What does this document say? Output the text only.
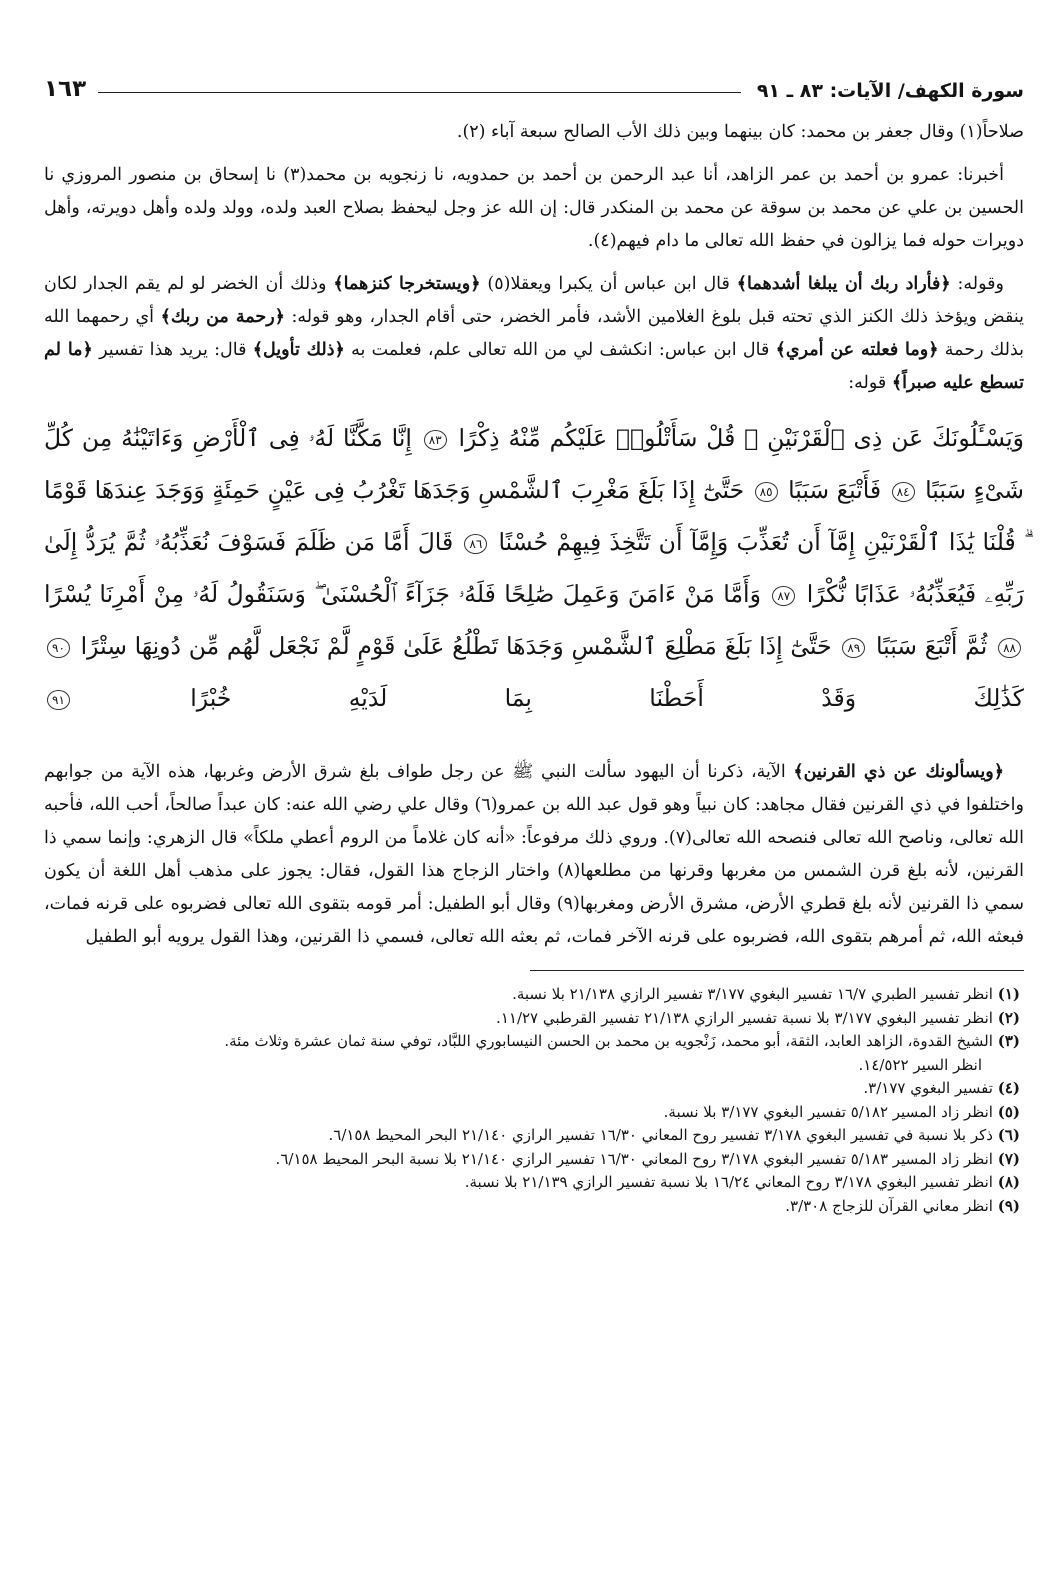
سورة الكهف/ الآيات: ٨٣ ـ ٩١
١٦٣

صلاحاً(١) وقال جعفر بن محمد: كان بينهما وبين ذلك الأب الصالح سبعة آباء (٢).

أخبرنا: عمرو بن أحمد بن عمر الزاهد، أنا عبد الرحمن بن أحمد بن حمدويه، نا زنجويه بن محمد(٣) نا إسحاق بن منصور المروزي نا الحسين بن علي عن محمد بن سوقة عن محمد بن المنكدر قال: إن الله عز وجل ليحفظ بصلاح العبد ولده، وولد ولده وأهل دويرته، وأهل دويرات حوله فما يزالون في حفظ الله تعالى ما دام فيهم(٤).

وقوله: ﴿فأراد ربك أن يبلغا أشدهما﴾ قال ابن عباس أن يكبرا ويعقلا(٥) ﴿ويستخرجا كنزهما﴾ وذلك أن الخضر لو لم يقم الجدار لكان ينقض ويؤخذ ذلك الكنز الذي تحته قبل بلوغ الغلامين الأشد، فأمر الخضر، حتى أقام الجدار، وهو قوله: ﴿رحمة من ربك﴾ أي رحمهما الله بذلك رحمة ﴿وما فعلته عن أمري﴾ قال ابن عباس: انكشف لي من الله تعالى علم، فعلمت به ﴿ذلك تأويل﴾ قال: يريد هذا تفسير ﴿ما لم تسطع عليه صبراً﴾ قوله:

وَيَسْـَٔلُونَكَ عَن ذِى ٱلْقَرْنَيْنِ ۖ قُلْ سَأَتْلُوا۟ عَلَيْكُم مِّنْهُ ذِكْرًا ٨٣ إِنَّا مَكَّنَّا لَهُۥ فِى ٱلْأَرْضِ وَءَاتَيْنَٰهُ مِن كُلِّ شَىْءٍ سَبَبًا ٨٤ فَأَتْبَعَ سَبَبًا ٨٥ حَتَّىٰٓ إِذَا بَلَغَ مَغْرِبَ ٱلشَّمْسِ وَجَدَهَا تَغْرُبُ فِى عَيْنٍ حَمِئَةٍ وَوَجَدَ عِندَهَا قَوْمًا ۗ قُلْنَا يَٰذَا ٱلْقَرْنَيْنِ إِمَّآ أَن تُعَذِّبَ وَإِمَّآ أَن تَتَّخِذَ فِيهِمْ حُسْنًا ٨٦ قَالَ أَمَّا مَن ظَلَمَ فَسَوْفَ نُعَذِّبُهُۥ ثُمَّ يُرَدُّ إِلَىٰ رَبِّهِۦ فَيُعَذِّبُهُۥ عَذَابًا نُّكْرًا ٨٧ وَأَمَّا مَنْ ءَامَنَ وَعَمِلَ صَٰلِحًا فَلَهُۥ جَزَآءً ٱلْحُسْنَىٰ ۖ وَسَنَقُولُ لَهُۥ مِنْ أَمْرِنَا يُسْرًا ٨٨ ثُمَّ أَتْبَعَ سَبَبًا ٨٩ حَتَّىٰٓ إِذَا بَلَغَ مَطْلِعَ ٱلشَّمْسِ وَجَدَهَا تَطْلُعُ عَلَىٰ قَوْمٍ لَّمْ نَجْعَل لَّهُم مِّن دُونِهَا سِتْرًا ٩٠ كَذَٰلِكَ وَقَدْ أَحَطْنَا بِمَا لَدَيْهِ خُبْرًا ٩١

﴿ويسألونك عن ذي القرنين﴾ الآية، ذكرنا أن اليهود سألت النبي ﷺ عن رجل طواف بلغ شرق الأرض وغربها، هذه الآية من جوابهم واختلفوا في ذي القرنين فقال مجاهد: كان نبياً وهو قول عبد الله بن عمرو(٦) وقال علي رضي الله عنه: كان عبداً صالحاً، أحب الله، فأحبه الله تعالى، وناصح الله تعالى فنصحه الله تعالى(٧). وروي ذلك مرفوعاً: «أنه كان غلاماً من الروم أعطي ملكاً» قال الزهري: وإنما سمي ذا القرنين، لأنه بلغ قرن الشمس من مغربها وقرنها من مطلعها(٨) واختار الزجاج هذا القول، فقال: يجوز على مذهب أهل اللغة أن يكون سمي ذا القرنين لأنه بلغ قطري الأرض، مشرق الأرض ومغربها(٩) وقال أبو الطفيل: أمر قومه بتقوى الله تعالى فضربوه على قرنه فمات، فبعثه الله، ثم أمرهم بتقوى الله، فضربوه على قرنه الآخر فمات، ثم بعثه الله تعالى، فسمي ذا القرنين، وهذا القول يرويه أبو الطفيل

(١) انظر تفسير الطبري ١٦/٧ تفسير البغوي ٣/١٧٧ تفسير الرازي ٢١/١٣٨ بلا نسبة.

(٢) انظر تفسير البغوي ٣/١٧٧ بلا نسبة تفسير الرازي ٢١/١٣٨ تفسير القرطبي ١١/٢٧.

(٣) الشيخ القدوة، الزاهد العابد، الثقة، أبو محمد، زَنْجويه بن محمد بن الحسن النيسابوري اللبَّاد، توفي سنة ثمان عشرة وثلاث مئة.

انظر السير ١٤/٥٢٢.

(٤) تفسير البغوي ٣/١٧٧.

(٥) انظر زاد المسير ٥/١٨٢ تفسير البغوي ٣/١٧٧ بلا نسبة.

(٦) ذكر بلا نسبة في تفسير البغوي ٣/١٧٨ تفسير روح المعاني ١٦/٣٠ تفسير الرازي ٢١/١٤٠ البحر المحيط ٦/١٥٨.

(٧) انظر زاد المسير ٥/١٨٣ تفسير البغوي ٣/١٧٨ روح المعاني ١٦/٣٠ تفسير الرازي ٢١/١٤٠ بلا نسبة البحر المحيط ٦/١٥٨.

(٨) انظر تفسير البغوي ٣/١٧٨ روح المعاني ١٦/٢٤ بلا نسبة تفسير الرازي ٢١/١٣٩ بلا نسبة.

(٩) انظر معاني القرآن للزجاج ٣/٣٠٨.
